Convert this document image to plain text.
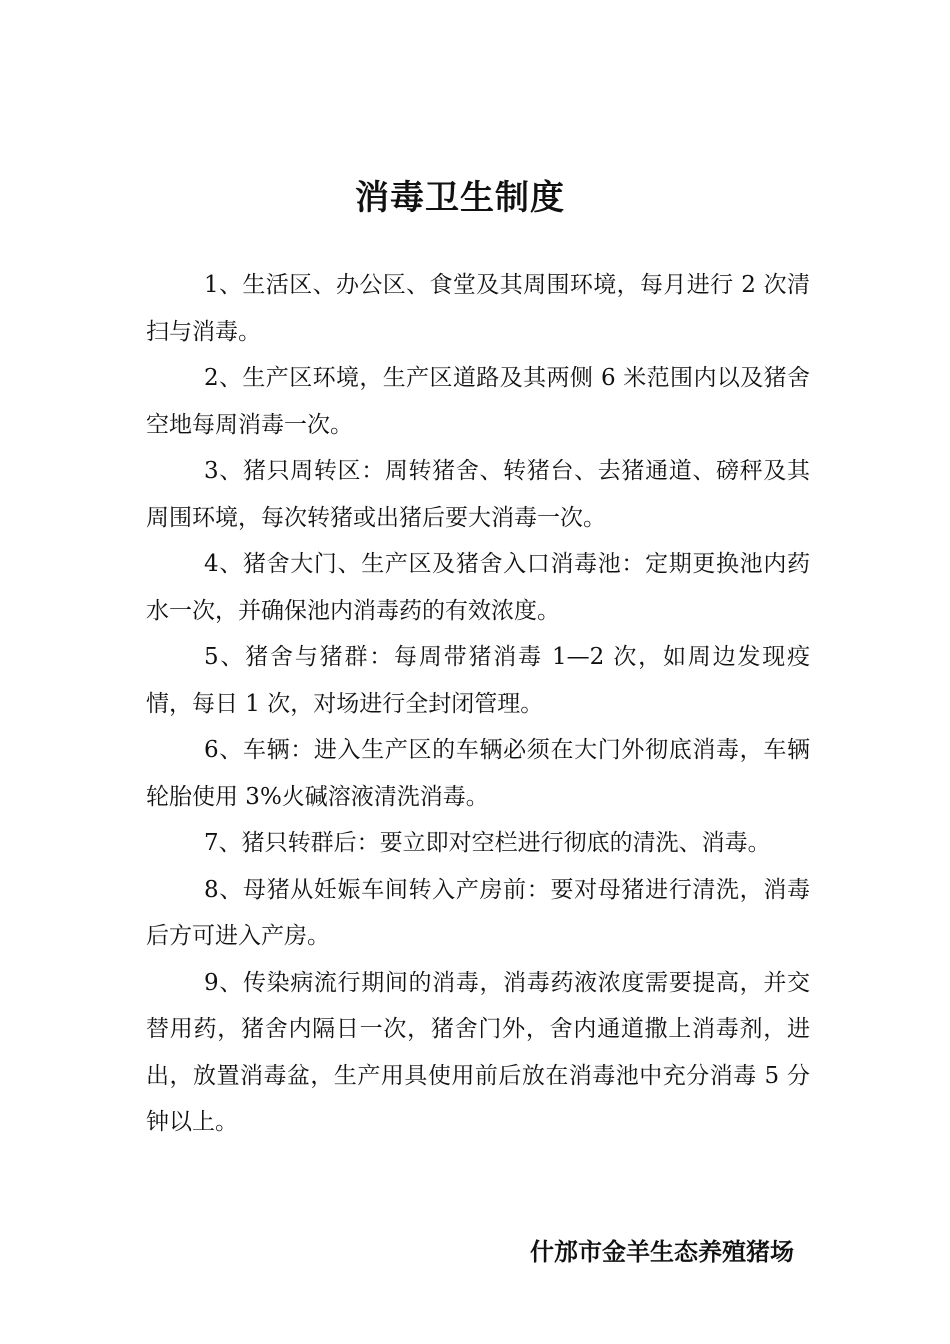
消毒卫生制度

1、生活区、办公区、食堂及其周围环境，每月进行 2 次清扫与消毒。

2、生产区环境，生产区道路及其两侧 6 米范围内以及猪舍空地每周消毒一次。

3、猪只周转区：周转猪舍、转猪台、去猪通道、磅秤及其周围环境，每次转猪或出猪后要大消毒一次。

4、猪舍大门、生产区及猪舍入口消毒池：定期更换池内药水一次，并确保池内消毒药的有效浓度。

5、猪舍与猪群：每周带猪消毒 1—2 次，如周边发现疫情，每日 1 次，对场进行全封闭管理。

6、车辆：进入生产区的车辆必须在大门外彻底消毒，车辆轮胎使用 3%火碱溶液清洗消毒。

7、猪只转群后：要立即对空栏进行彻底的清洗、消毒。

8、母猪从妊娠车间转入产房前：要对母猪进行清洗，消毒后方可进入产房。

9、传染病流行期间的消毒，消毒药液浓度需要提高，并交替用药，猪舍内隔日一次，猪舍门外，舍内通道撒上消毒剂，进出，放置消毒盆，生产用具使用前后放在消毒池中充分消毒 5 分钟以上。

什邡市金羊生态养殖猪场
